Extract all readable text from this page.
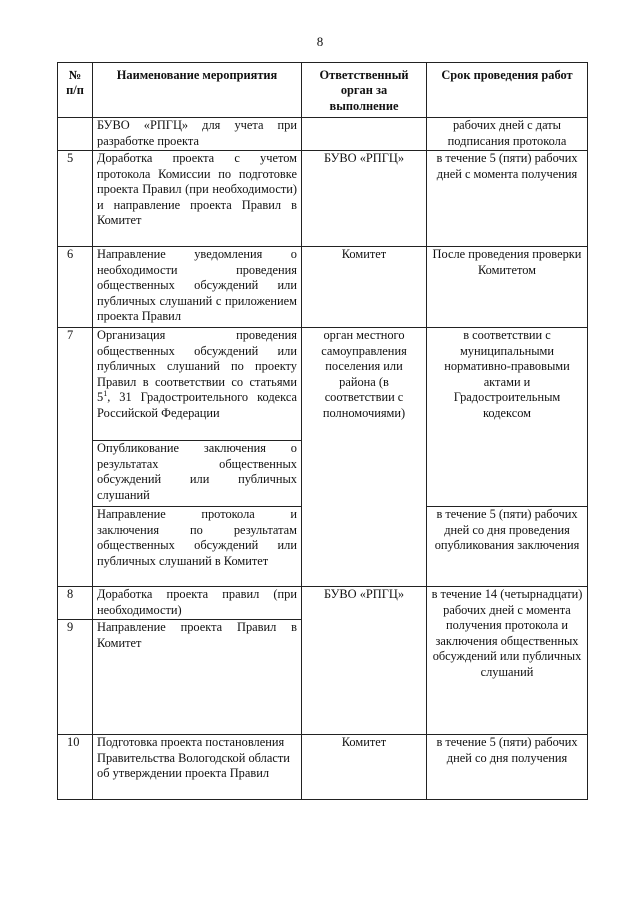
8
№ п/п	Наименование мероприятия	Ответственный орган за выполнение	Срок проведения работ
	БУВО «РПГЦ» для учета при разработке проекта		рабочих дней с даты подписания протокола
5	Доработка проекта с учетом протокола Комиссии по подготовке проекта Правил (при необходимости) и направление проекта Правил в Комитет	БУВО «РПГЦ»	в течение 5 (пяти) рабочих дней с момента получения
6	Направление уведомления о необходимости проведения общественных обсуждений или публичных слушаний с приложением проекта Правил	Комитет	После проведения проверки Комитетом
7	Организация проведения общественных обсуждений или публичных слушаний по проекту Правил в соответствии со статьями $5^1$, 31 Градостроительного кодекса Российской Федерации	орган местного самоуправления поселения или района (в соответствии с полномочиями)	в соответствии с муниципальными нормативно-правовыми актами и Градостроительным кодексом
	Опубликование заключения о результатах общественных обсуждений или публичных слушаний		
	Направление протокола и заключения по результатам общественных обсуждений или публичных слушаний в Комитет		в течение 5 (пяти) рабочих дней со дня проведения опубликования заключения
8	Доработка проекта правил (при необходимости)	БУВО «РПГЦ»	в течение 14 (четырнадцати) рабочих дней с момента получения протокола и заключения общественных обсуждений или публичных слушаний
9	Направление проекта Правил в Комитет		
10	Подготовка проекта постановления Правительства Вологодской области об утверждении проекта Правил	Комитет	в течение 5 (пяти) рабочих дней со дня получения
